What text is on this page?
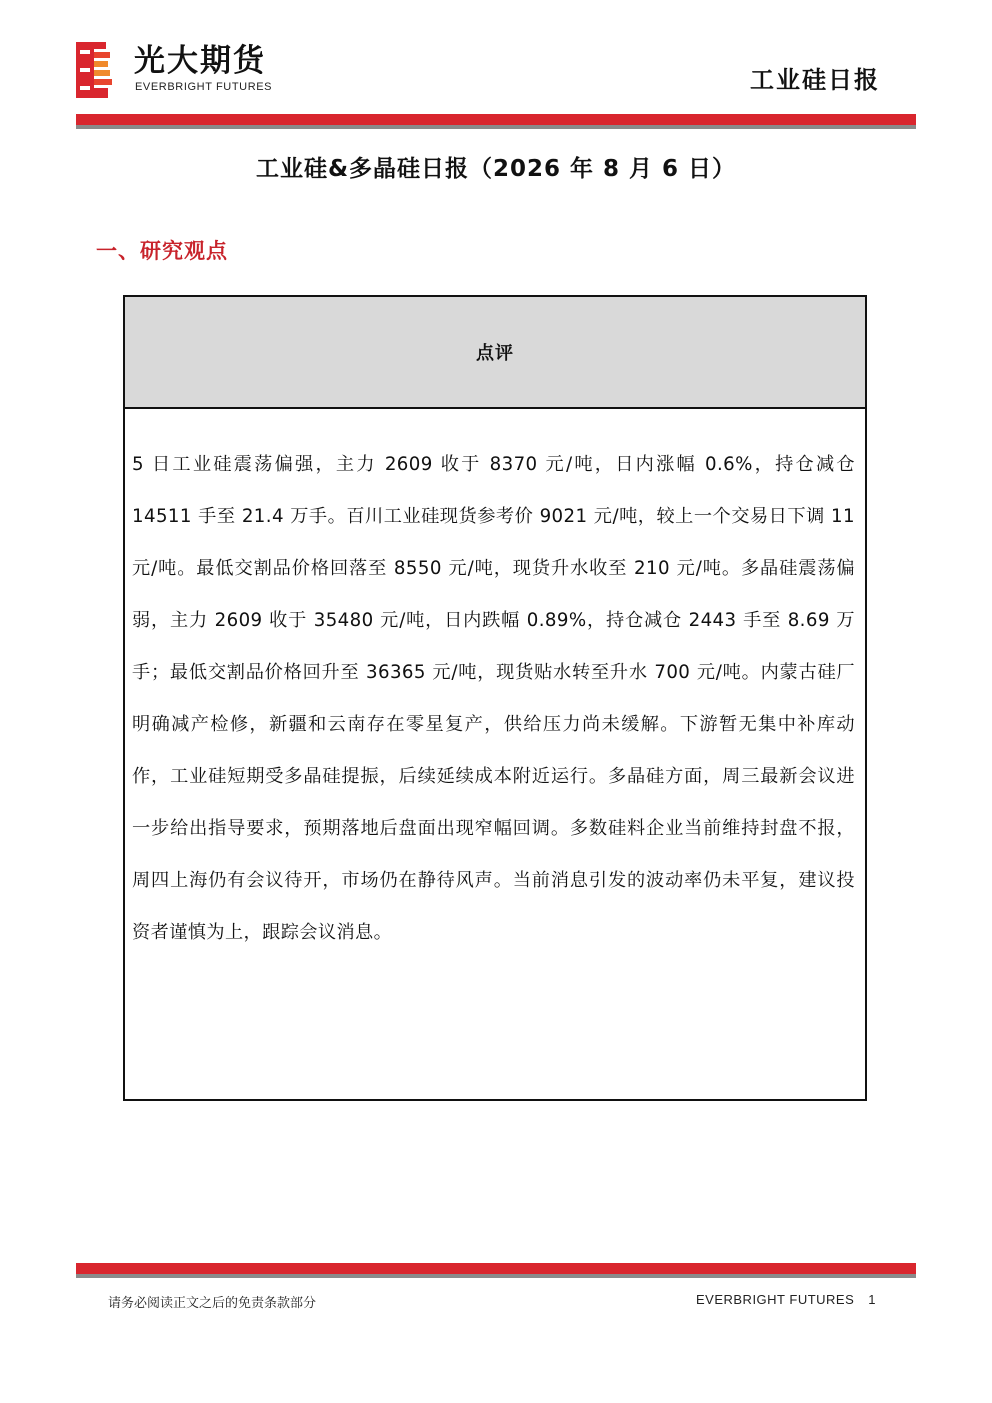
光大期货
EVERBRIGHT FUTURES	工业硅日报
工业硅&多晶硅日报（2026 年 8 月 6 日）
一、研究观点
点评
5 日工业硅震荡偏强，主力 2609 收于 8370 元/吨，日内涨幅 0.6%，持仓减仓 14511 手至 21.4 万手。百川工业硅现货参考价 9021 元/吨，较上一个交易日下调 11 元/吨。最低交割品价格回落至 8550 元/吨，现货升水收至 210 元/吨。多晶硅震荡偏弱，主力 2609 收于 35480 元/吨，日内跌幅 0.89%，持仓减仓 2443 手至 8.69 万手；最低交割品价格回升至 36365 元/吨，现货贴水转至升水 700 元/吨。内蒙古硅厂明确减产检修，新疆和云南存在零星复产，供给压力尚未缓解。下游暂无集中补库动作，工业硅短期受多晶硅提振，后续延续成本附近运行。多晶硅方面，周三最新会议进一步给出指导要求，预期落地后盘面出现窄幅回调。多数硅料企业当前维持封盘不报，周四上海仍有会议待开，市场仍在静待风声。当前消息引发的波动率仍未平复，建议投资者谨慎为上，跟踪会议消息。
请务必阅读正文之后的免责条款部分	EVERBRIGHT FUTURES 1
